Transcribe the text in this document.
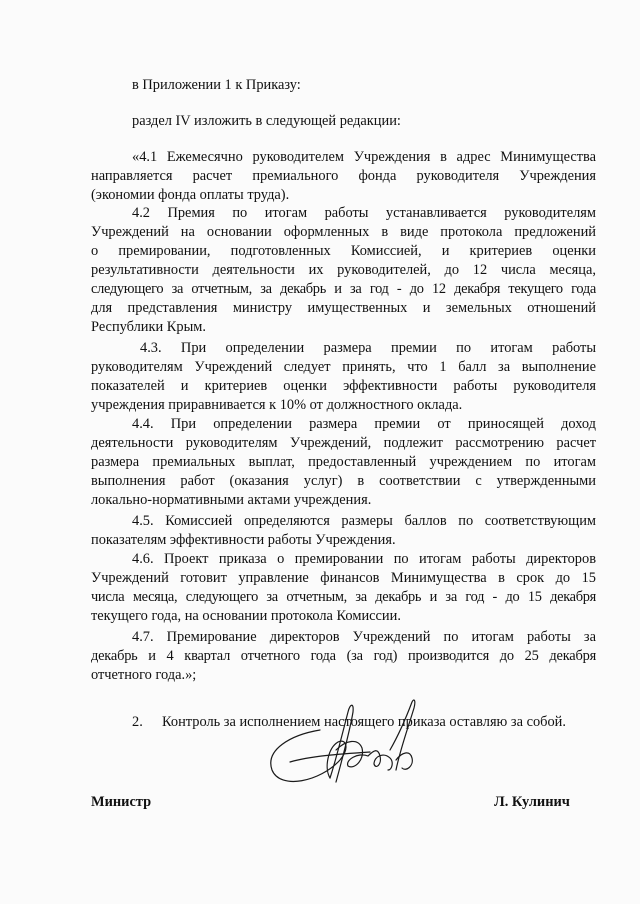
в Приложении 1 к Приказу:
раздел IV изложить в следующей редакции:
«4.1 Ежемесячно руководителем Учреждения в адрес Минимущества
направляется расчет премиального фонда руководителя Учреждения
(экономии фонда оплаты труда).
4.2 Премия по итогам работы устанавливается руководителям
Учреждений на основании оформленных в виде протокола предложений
о премировании, подготовленных Комиссией, и критериев оценки
результативности деятельности их руководителей, до 12 числа месяца,
следующего за отчетным, за декабрь и за год - до 12 декабря текущего года
для представления министру имущественных и земельных отношений
Республики Крым.
4.3. При определении размера премии по итогам работы
руководителям Учреждений следует принять, что 1 балл за выполнение
показателей и критериев оценки эффективности работы руководителя
учреждения приравнивается к 10% от должностного оклада.
4.4. При определении размера премии от приносящей доход
деятельности руководителям Учреждений, подлежит рассмотрению расчет
размера премиальных выплат, предоставленный учреждением по итогам
выполнения работ (оказания услуг) в соответствии с утвержденными
локально-нормативными актами учреждения.
4.5. Комиссией определяются размеры баллов по соответствующим
показателям эффективности работы Учреждения.
4.6. Проект приказа о премировании по итогам работы директоров
Учреждений готовит управление финансов Минимущества в срок до 15
числа месяца, следующего за отчетным, за декабрь и за год - до 15 декабря
текущего года, на основании протокола Комиссии.
4.7. Премирование директоров Учреждений по итогам работы за
декабрь и 4 квартал отчетного года (за год) производится до 25 декабря
отчетного года.»;
2. Контроль за исполнением настоящего приказа оставляю за собой.
Министр	Л. Кулинич
